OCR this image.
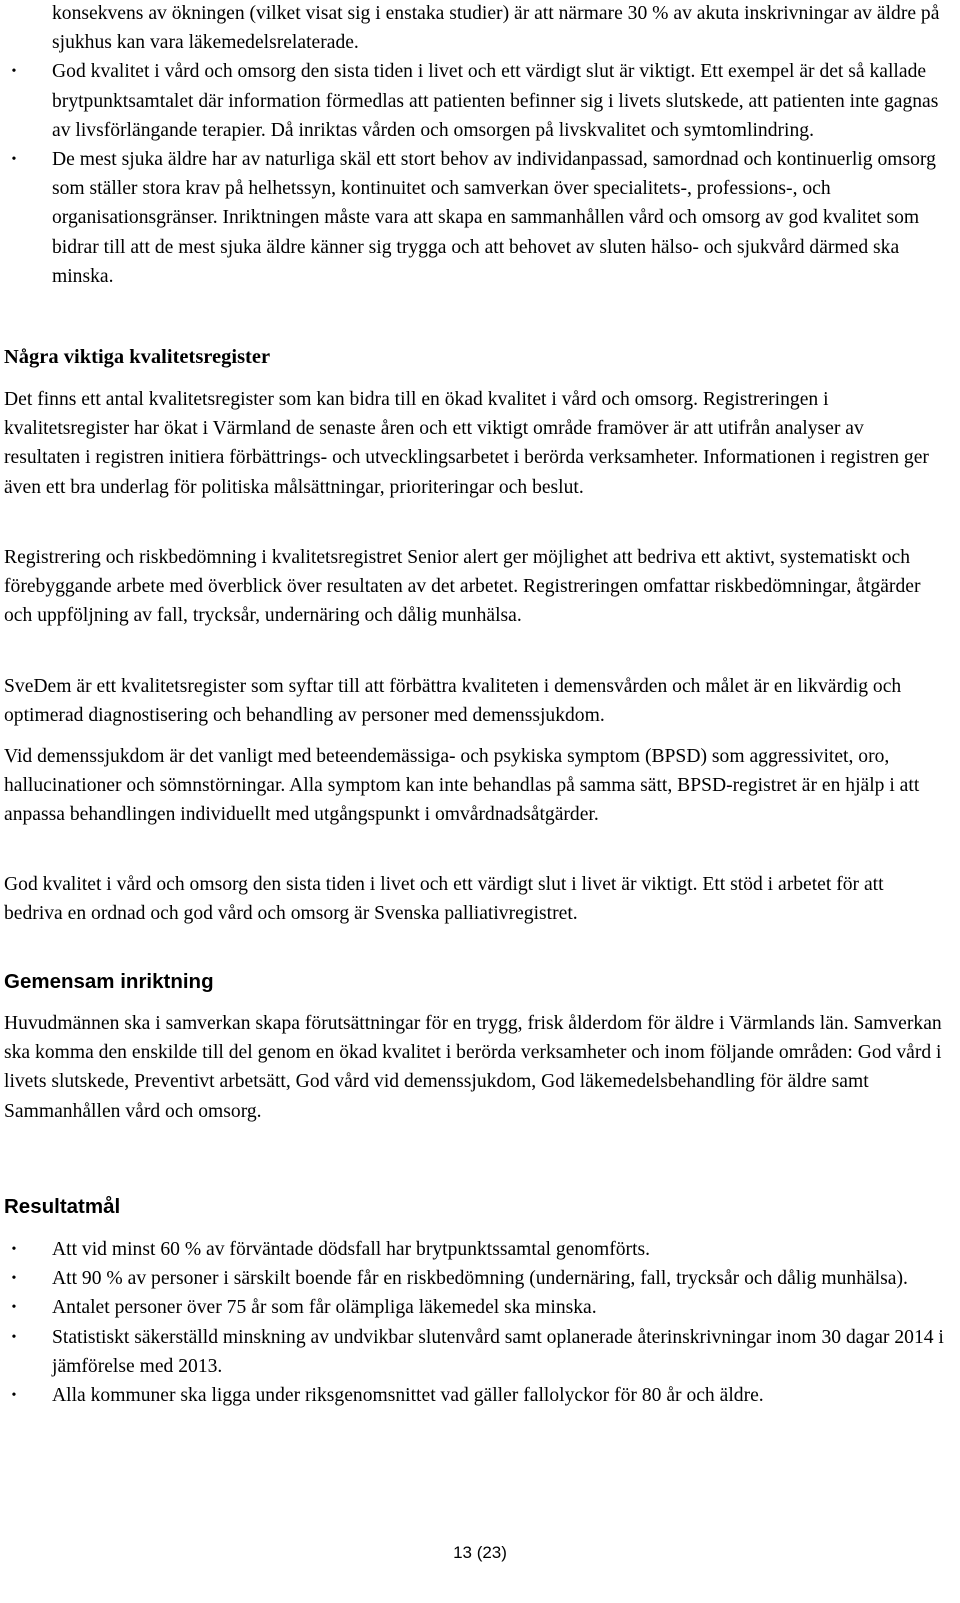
konsekvens av ökningen (vilket visat sig i enstaka studier) är att närmare 30 % av akuta inskrivningar av äldre på sjukhus kan vara läkemedelsrelaterade.
•	God kvalitet i vård och omsorg den sista tiden i livet och ett värdigt slut är viktigt. Ett exempel är det så kallade brytpunktsamtalet där information förmedlas att patienten befinner sig i livets slutskede, att patienten inte gagnas av livsförlängande terapier. Då inriktas vården och omsorgen på livskvalitet och symtomlindring.
•	De mest sjuka äldre har av naturliga skäl ett stort behov av individanpassad, samordnad och kontinuerlig omsorg som ställer stora krav på helhetssyn, kontinuitet och samverkan över specialitets-, professions-, och organisationsgränser. Inriktningen måste vara att skapa en sammanhållen vård och omsorg av god kvalitet som bidrar till att de mest sjuka äldre känner sig trygga och att behovet av sluten hälso- och sjukvård därmed ska minska.
Några viktiga kvalitetsregister

Det finns ett antal kvalitetsregister som kan bidra till en ökad kvalitet i vård och omsorg. Registreringen i kvalitetsregister har ökat i Värmland de senaste åren och ett viktigt område framöver är att utifrån analyser av resultaten i registren initiera förbättrings- och utvecklingsarbetet i berörda verksamheter. Informationen i registren ger även ett bra underlag för politiska målsättningar, prioriteringar och beslut.

Registrering och riskbedömning i kvalitetsregistret Senior alert ger möjlighet att bedriva ett aktivt, systematiskt och förebyggande arbete med överblick över resultaten av det arbetet. Registreringen omfattar riskbedömningar, åtgärder och uppföljning av fall, trycksår, undernäring och dålig munhälsa.

SveDem är ett kvalitetsregister som syftar till att förbättra kvaliteten i demensvården och målet är en likvärdig och optimerad diagnostisering och behandling av personer med demenssjukdom.

Vid demenssjukdom är det vanligt med beteendemässiga- och psykiska symptom (BPSD) som aggressivitet, oro, hallucinationer och sömnstörningar. Alla symptom kan inte behandlas på samma sätt, BPSD-registret är en hjälp i att anpassa behandlingen individuellt med utgångspunkt i omvårdnadsåtgärder.

God kvalitet i vård och omsorg den sista tiden i livet och ett värdigt slut i livet är viktigt. Ett stöd i arbetet för att bedriva en ordnad och god vård och omsorg är Svenska palliativregistret.

Gemensam inriktning

Huvudmännen ska i samverkan skapa förutsättningar för en trygg, frisk ålderdom för äldre i Värmlands län. Samverkan ska komma den enskilde till del genom en ökad kvalitet i berörda verksamheter och inom följande områden: God vård i livets slutskede, Preventivt arbetsätt, God vård vid demenssjukdom, God läkemedelsbehandling för äldre samt Sammanhållen vård och omsorg.

Resultatmål
•	Att vid minst 60 % av förväntade dödsfall har brytpunktssamtal genomförts.
•	Att 90 % av personer i särskilt boende får en riskbedömning (undernäring, fall, trycksår och dålig munhälsa).
•	Antalet personer över 75 år som får olämpliga läkemedel ska minska.
•	Statistiskt säkerställd minskning av undvikbar slutenvård samt oplanerade återinskrivningar inom 30 dagar 2014 i jämförelse med 2013.
•	Alla kommuner ska ligga under riksgenomsnittet vad gäller fallolyckor för 80 år och äldre.
13 (23)
